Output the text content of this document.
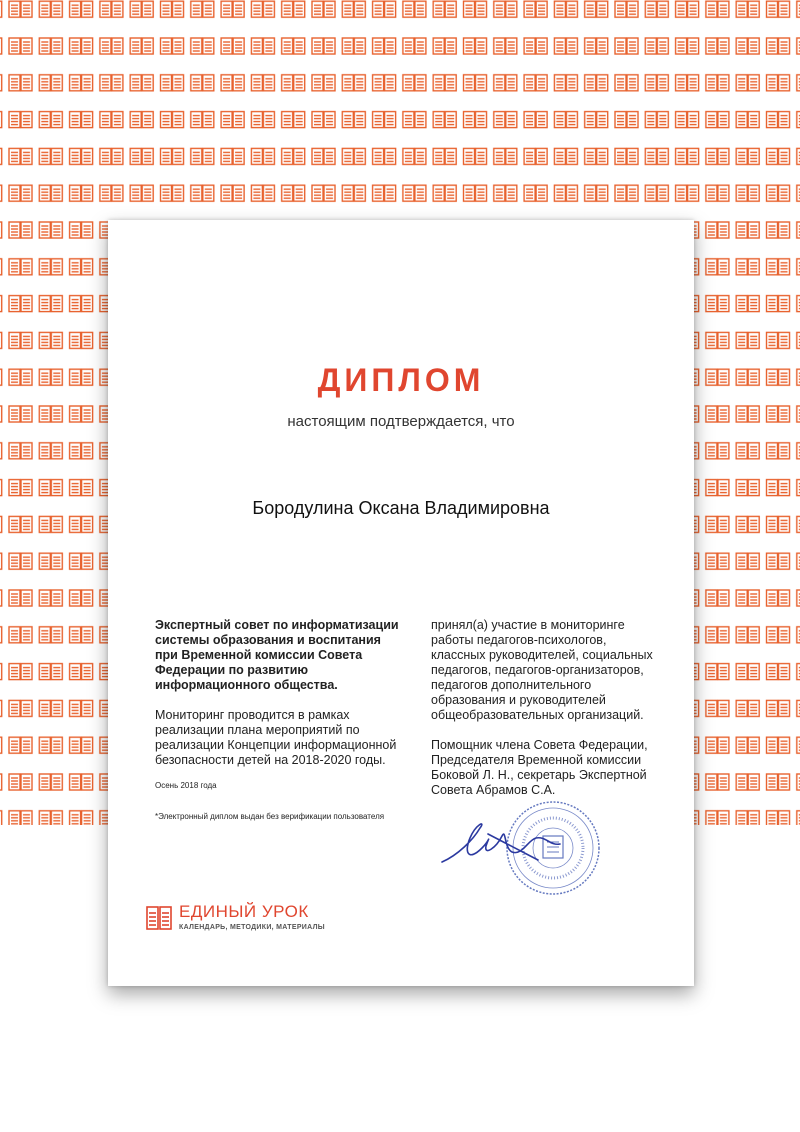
ДИПЛОМ
настоящим подтверждается, что
Бородулина Оксана Владимировна

Экспертный совет по информатизации системы образования и воспитания при Временной комиссии Совета Федерации по развитию информационного общества.

Мониторинг проводится в рамках реализации плана мероприятий по реализации Концепции информационной безопасности детей на 2018-2020 годы.

Осень 2018 года

*Электронный диплом выдан без верификации пользователя

принял(а) участие в мониторинге работы педагогов-психологов, классных руководителей, социальных педагогов, педагогов-организаторов, педагогов дополнительного образования и руководителей общеобразовательных организаций.

Помощник члена Совета Федерации, Председателя Временной комиссии Боковой Л. Н., секретарь Экспертной Совета Абрамов С.А.

ЕДИНЫЙ УРОК
КАЛЕНДАРЬ, МЕТОДИКИ, МАТЕРИАЛЫ
